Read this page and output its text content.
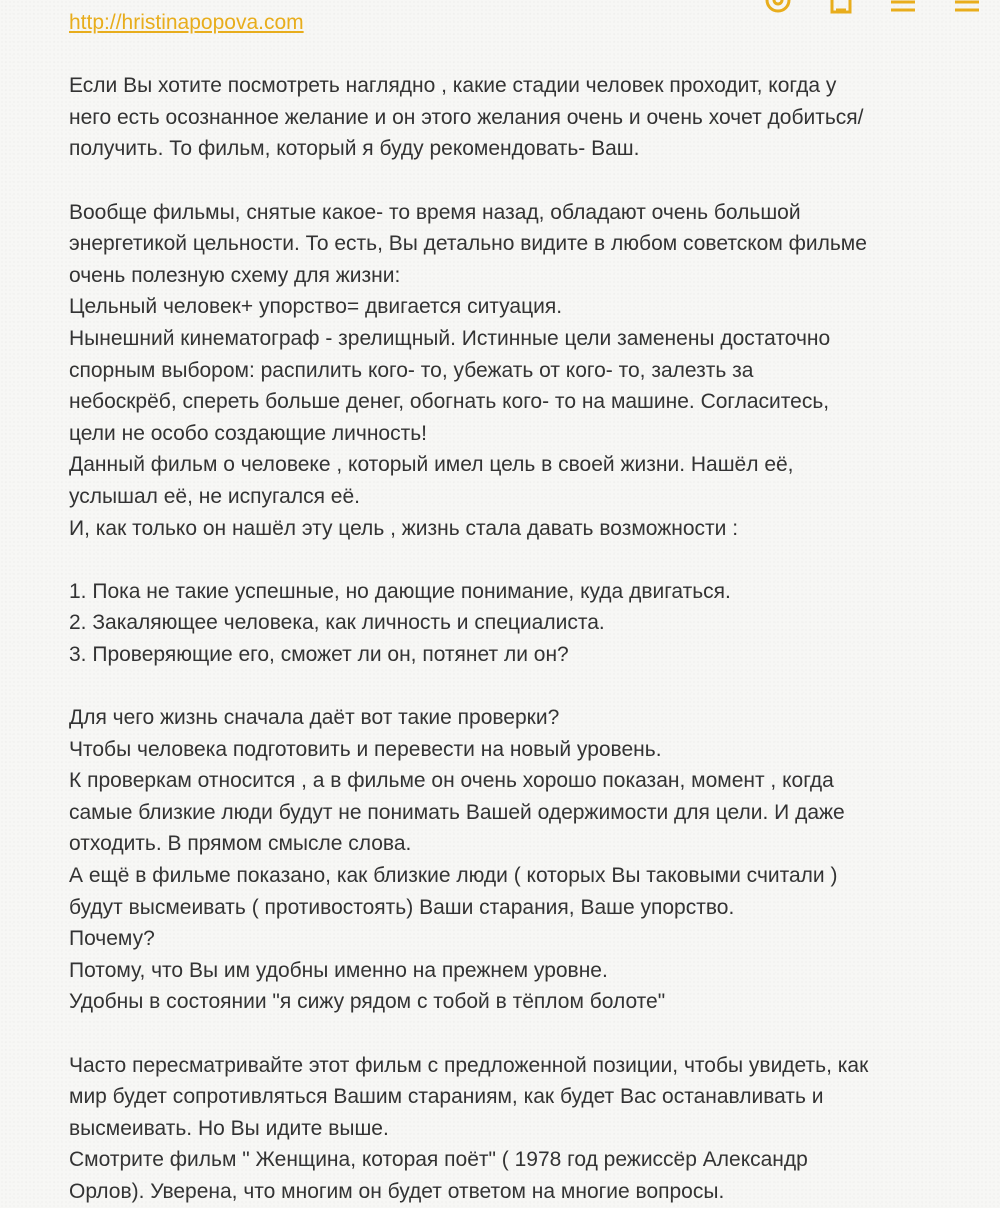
http://hristinapopova.com
Если Вы хотите посмотреть наглядно , какие стадии человек проходит, когда у
него есть осознанное желание и он этого желания очень и очень хочет добиться/
получить. То фильм, который я буду рекомендовать- Ваш.
Вообще фильмы, снятые какое- то время назад, обладают очень большой
энергетикой цельности. То есть, Вы детально видите в любом советском фильме
очень полезную схему для жизни:
Цельный человек+ упорство= двигается ситуация.
Нынешний кинематограф - зрелищный. Истинные цели заменены достаточно
спорным выбором: распилить кого- то, убежать от кого- то, залезть за
небоскрёб, спереть больше денег, обогнать кого- то на машине. Согласитесь,
цели не особо создающие личность!
Данный фильм о человеке , который имел цель в своей жизни. Нашёл её,
услышал её, не испугался её.
И, как только он нашёл эту цель , жизнь стала давать возможности :
1. Пока не такие успешные, но дающие понимание, куда двигаться.
2. Закаляющее человека, как личность и специалиста.
3. Проверяющие его, сможет ли он, потянет ли он?
Для чего жизнь сначала даёт вот такие проверки?
Чтобы человека подготовить и перевести на новый уровень.
К проверкам относится , а в фильме он очень хорошо показан, момент , когда
самые близкие люди будут не понимать Вашей одержимости для цели. И даже
отходить. В прямом смысле слова.
А ещё в фильме показано, как близкие люди ( которых Вы таковыми считали )
будут высмеивать ( противостоять) Ваши старания, Ваше упорство.
Почему?
Потому, что Вы им удобны именно на прежнем уровне.
Удобны в состоянии "я сижу рядом с тобой в тёплом болоте"
Часто пересматривайте этот фильм с предложенной позиции, чтобы увидеть, как
мир будет сопротивляться Вашим стараниям, как будет Вас останавливать и
высмеивать. Но Вы идите выше.
Смотрите фильм " Женщина, которая поёт" ( 1978 год режиссёр Александр
Орлов). Уверена, что многим он будет ответом на многие вопросы.
